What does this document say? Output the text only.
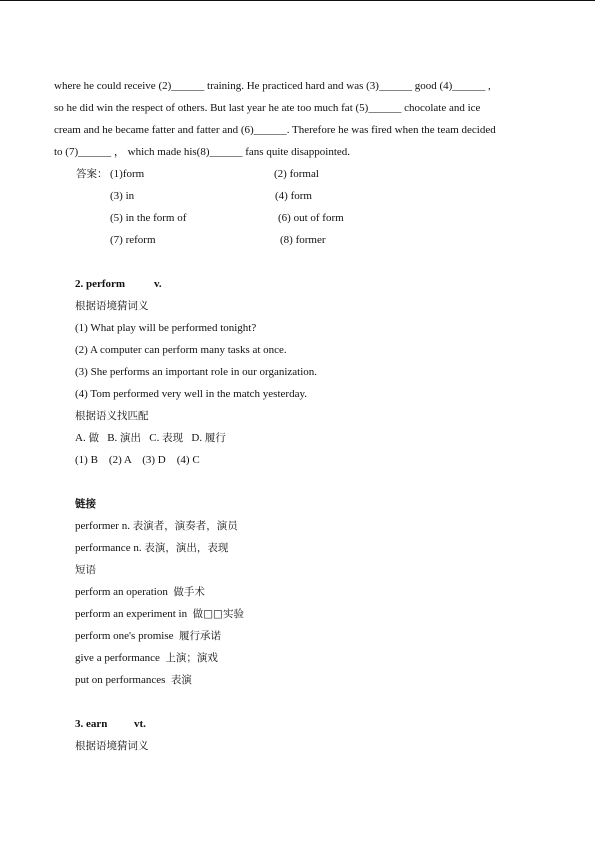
where he could receive (2)______ training. He practiced hard and was (3)______ good (4)______ ,
so he did win the respect of others. But last year he ate too much fat (5)______ chocolate and ice
cream and he became fatter and fatter and (6)______. Therefore he was fired when the team decided
to (7)______ ， which made his(8)______ fans quite disappointed.
答案： (1)form	(2) formal
(3) in	(4) form
(5) in the form of	(6) out of form
(7) reform	(8) former
2. perform	v.
根据语境猜词义
(1) What play will be performed tonight?
(2) A computer can perform many tasks at once.
(3) She performs an important role in our organization.
(4) Tom performed very well in the match yesterday.
根据语义找匹配
A. 做 B. 演出 C. 表现 D. 履行
(1) B    (2) A    (3) D    (4) C
链接
performer n. 表演者，演奏者，演员
performance n. 表演，演出，表现
短语
perform an operation 做手术
perform an experiment in 做□□实验
perform one's promise 履行承诺
give a performance 上演；演戏
put on performances 表演
3. earn vt.
根据语境猜词义
